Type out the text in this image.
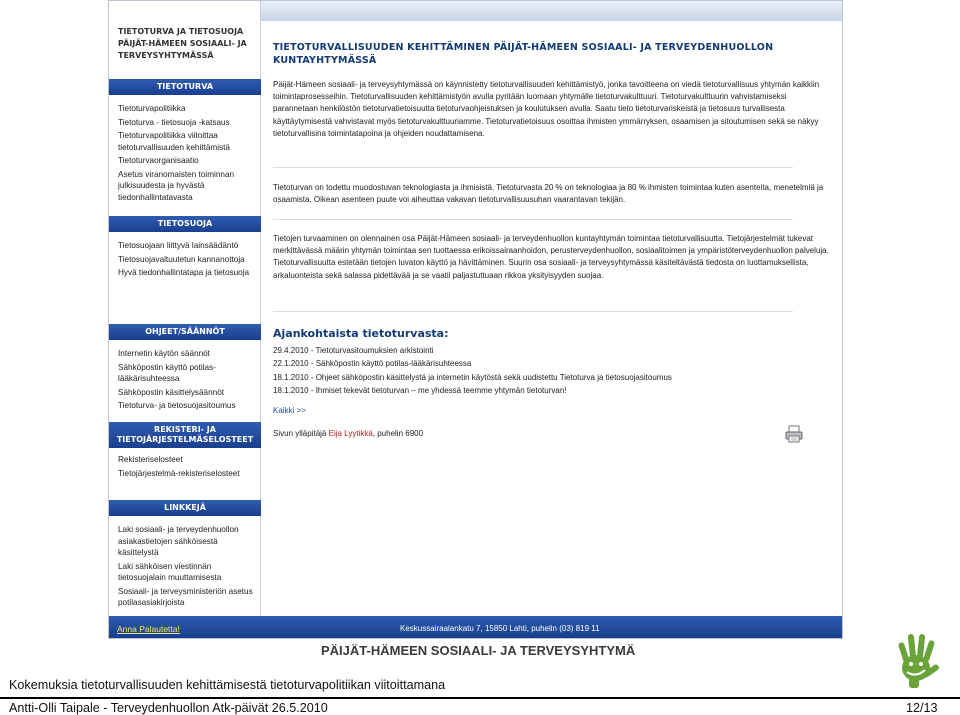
TIETOTURVA JA TIETOSUOJA PÄIJÄT-HÄMEEN SOSIAALI- JA TERVEYSYHTYMÄSSÄ
TIETOTURVA
Tietoturvapolitiikka
Tietoturva - tietosuoja -katsaus
Tietoturvapolitiikka viitoittaa tietoturvallisuuden kehittämistä
Tietoturvaorganisaatio
Asetus viranomaisten toiminnan julkisuudesta ja hyvästä tiedonhallintatavasta
TIETOSUOJA
Tietosuojaan liittyvä lainsäädäntö
Tietosuojavaltuutetun kannanottoja
Hyvä tiedonhallintatapa ja tietosuoja
OHJEET/SÄÄNNÖT
Internetin käytön säännöt
Sähköpostin käyttö potilas-lääkärisuhteessa
Sähköpostin käsittelysäännöt
Tietoturva- ja tietosuojasitoumus
REKISTERI- JA TIETOJÄRJESTELMÄSELOSTEET
Rekisteriselosteet
Tietojärjestelmä-rekisteriselosteet
LINKKEJÄ
Laki sosiaali- ja terveydenhuollon asiakastietojen sähköisestä käsittelystä
Laki sähköisen viestinnän tietosuojalain muuttamisesta
Sosiaali- ja terveysministeriön asetus potilasasiakirjoista
TIETOTURVALLISUUDEN KEHITTÄMINEN PÄIJÄT-HÄMEEN SOSIAALI- JA TERVEYDENHUOLLON KUNTAYHTYMÄSSÄ
Päijät-Hämeen sosiaali- ja terveysyhtymässä on käynnistetty tietoturvallisuuden kehittämistyö, jonka tavoitteena on viedä tietoturvallisuus yhtymän kaikkiin toimintaprosesseihin. Tietoturvallisuuden kehittämistyön avulla pyritään luomaan yhtymälle tietoturvakulttuuri. Tietoturvakulttuurin vahvistamiseksi parannetaan henkilöstön tietoturvatietoisuutta tietoturvaohjeistuksen ja koulutuksen avulla. Saatu tieto tietoturvariskeistä ja tietosuus turvallisesta käyttäytymisestä vahvistavat myös tietoturvakulttuuriamme. Tietoturvatietoisuus osoittaa ihmisten ymmärryksen, osaamisen ja sitoutumisen sekä se näkyy tietoturvallisina toimintatapoina ja ohjeiden noudattamisena.
Tietoturvan on todettu muodostuvan teknologiasta ja ihmisistä. Tietoturvasta 20 % on teknologiaa ja 80 % ihmisten toimintaa kuten asenteita, menetelmiä ja osaamista. Oikean asenteen puute voi aiheuttaa vakavan tietoturvallisuusuhan vaarantavan tekijän.
Tietojen turvaaminen on olennainen osa Päijät-Hämeen sosiaali- ja terveydenhuollon kuntayhtymän toimintaa tietoturvallisuutta. Tietojärjestelmät tukevat merkittävässä määrin yhtymän toimintaa sen tuottaessa erikoissairaanhoidon, perusterveydenhuollon, sosiaalitoimen ja ympäristöterveydenhuollon palveluja. Tietoturvallisuutta estetään tietojen luvaton käyttö ja hävittäminen. Suurin osa sosiaali- ja terveysyhtymässä käsiteltävästä tiedosta on luottamuksellista, arkaluonteista sekä salassa pidettävää ja se vaatii paljastuttuaan rikkoa yksityisyyden suojaa.
Ajankohtaista tietoturvasta:
29.4.2010 - Tietoturvasitoumuksien arkistointi
22.1.2010 - Sähköpostin käyttö potilas-lääkärisuhteessa
18.1.2010 - Ohjeet sähköpostin käsittelystä ja internetin käytöstä sekä uudistettu Tietoturva ja tietosuojasitoumus
18.1.2010 - Ihmiset tekevät tietoturvan – me yhdessä teemme yhtymän tietoturvan!
Kaikki >>
Sivun ylläpitäjä Eija Lyytikkä, puhelin 6900
Anna Palautetta!	Keskussairaalankatu 7, 15850 Lahti, puhelin (03) 819 11
PÄIJÄT-HÄMEEN SOSIAALI- JA TERVEYSYHTYMÄ
Kokemuksia tietoturvallisuuden kehittämisestä tietoturvapolitiikan viitoittamana
Antti-Olli Taipale - Terveydenhuollon Atk-päivät 26.5.2010	12/13
